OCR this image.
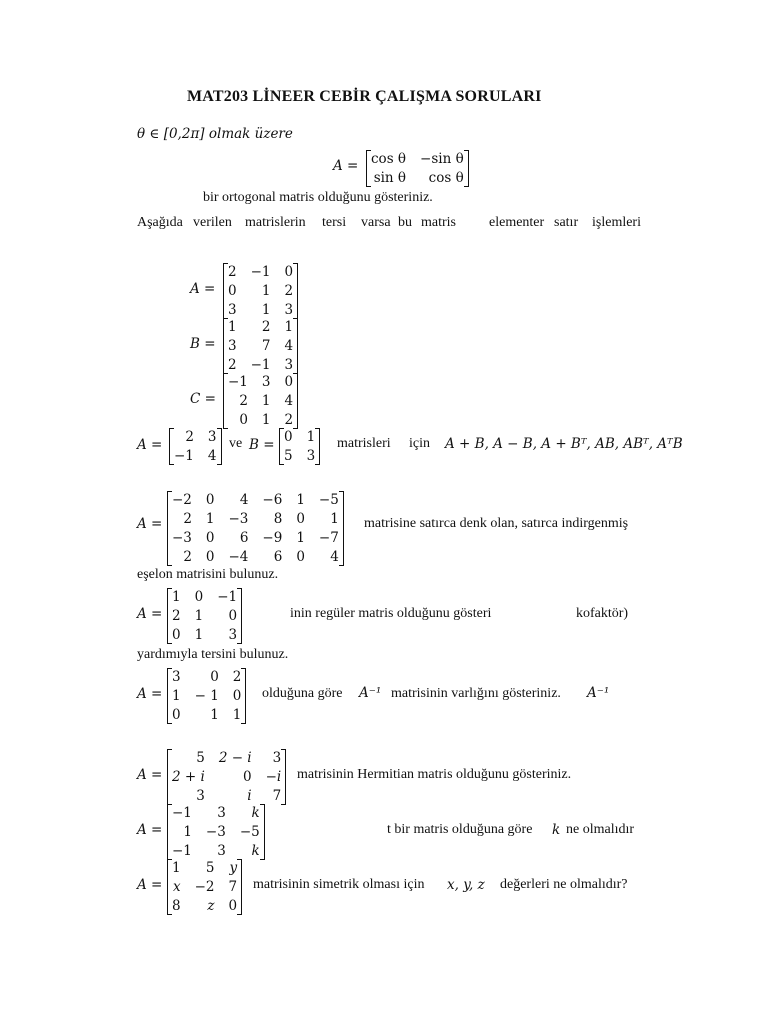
MAT203 LİNEER CEBİR ÇALIŞMA SORULARI
θ ∈ [0,2π] olmak üzere
A = cos θ −sin θ
sin θ	cos θ
bir ortogonal matris olduğunu gösteriniz.
Aşağıda verilen matrislerin tersi varsa bu matris elementer satır işlemleri
A =
2 −1 0
0	1 2
3	1 3
B =
1	2 1
3	7 4
2 −1 3
C =
−1 3 0
2 1 4
0 1 2
A =	2 3
−1 4
ve B = 0 1
5 3
matrisleri için A + B, A − B, A + Bᵀ, AB, ABᵀ, AᵀB
A =
−2 0	4 −6 1 −5
2 1 −3	8 0	1
−3 0	6 −9 1 −7
2 0 −4	6 0	4
matrisine satırca denk olan, satırca indirgenmiş
eşelon matrisini bulunuz.
A =
1 0 −1
2 1	0
0 1	3
inin regüler matris olduğunu gösteri	kofaktör)
yardımıyla tersini bulunuz.
A =
3	0 2
1 − 1 0
0	1 1
olduğuna göre A⁻¹ matrisinin varlığını gösteriniz. A⁻¹
A =
5 2 − i	3
2 + i	0 −i
3	i	7
matrisinin Hermitian matris olduğunu gösteriniz.
A =
−1	3	k
1 −3 −5
−1	3	k
t bir matris olduğuna göre k ne olmalıdır
A =
1	5 y
x −2 7
8	z 0
matrisinin simetrik olması için x, y, z değerleri ne olmalıdır?
